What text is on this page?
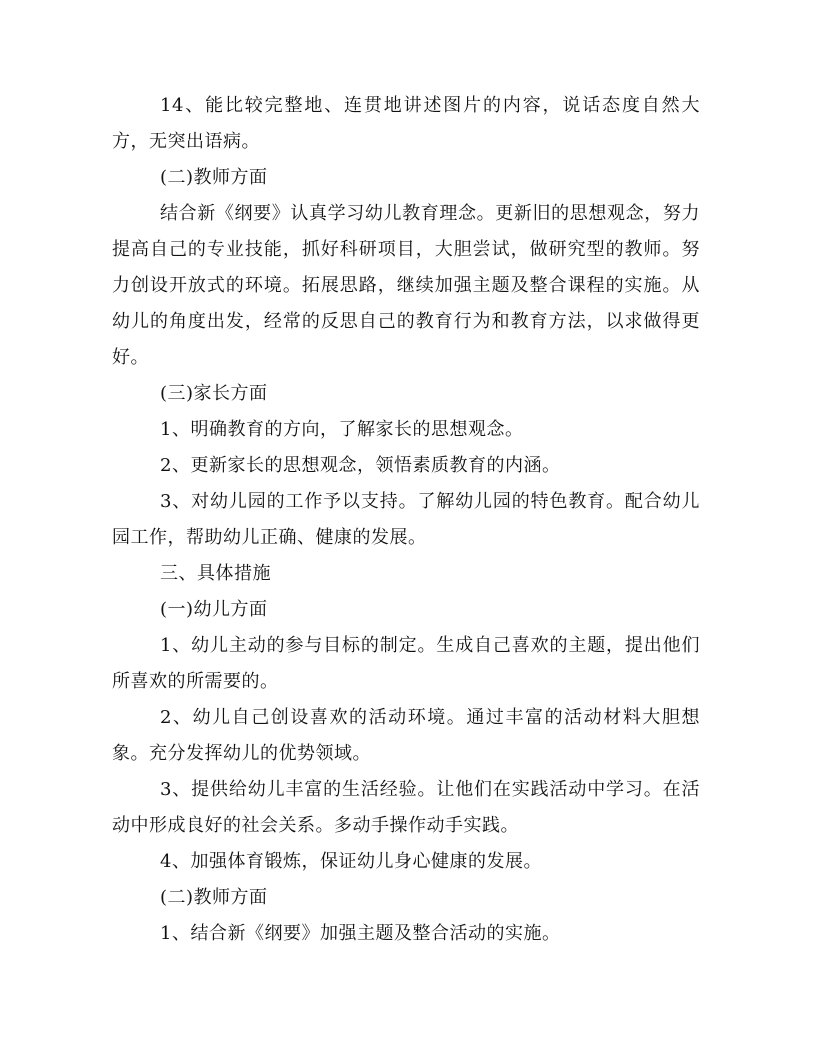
14、能比较完整地、连贯地讲述图片的内容，说话态度自然大方，无突出语病。

(二)教师方面

结合新《纲要》认真学习幼儿教育理念。更新旧的思想观念，努力提高自己的专业技能，抓好科研项目，大胆尝试，做研究型的教师。努力创设开放式的环境。拓展思路，继续加强主题及整合课程的实施。从幼儿的角度出发，经常的反思自己的教育行为和教育方法，以求做得更好。

(三)家长方面

1、明确教育的方向，了解家长的思想观念。

2、更新家长的思想观念，领悟素质教育的内涵。

3、对幼儿园的工作予以支持。了解幼儿园的特色教育。配合幼儿园工作，帮助幼儿正确、健康的发展。

三、具体措施

(一)幼儿方面

1、幼儿主动的参与目标的制定。生成自己喜欢的主题，提出他们所喜欢的所需要的。

2、幼儿自己创设喜欢的活动环境。通过丰富的活动材料大胆想象。充分发挥幼儿的优势领域。

3、提供给幼儿丰富的生活经验。让他们在实践活动中学习。在活动中形成良好的社会关系。多动手操作动手实践。

4、加强体育锻炼，保证幼儿身心健康的发展。

(二)教师方面

1、结合新《纲要》加强主题及整合活动的实施。
